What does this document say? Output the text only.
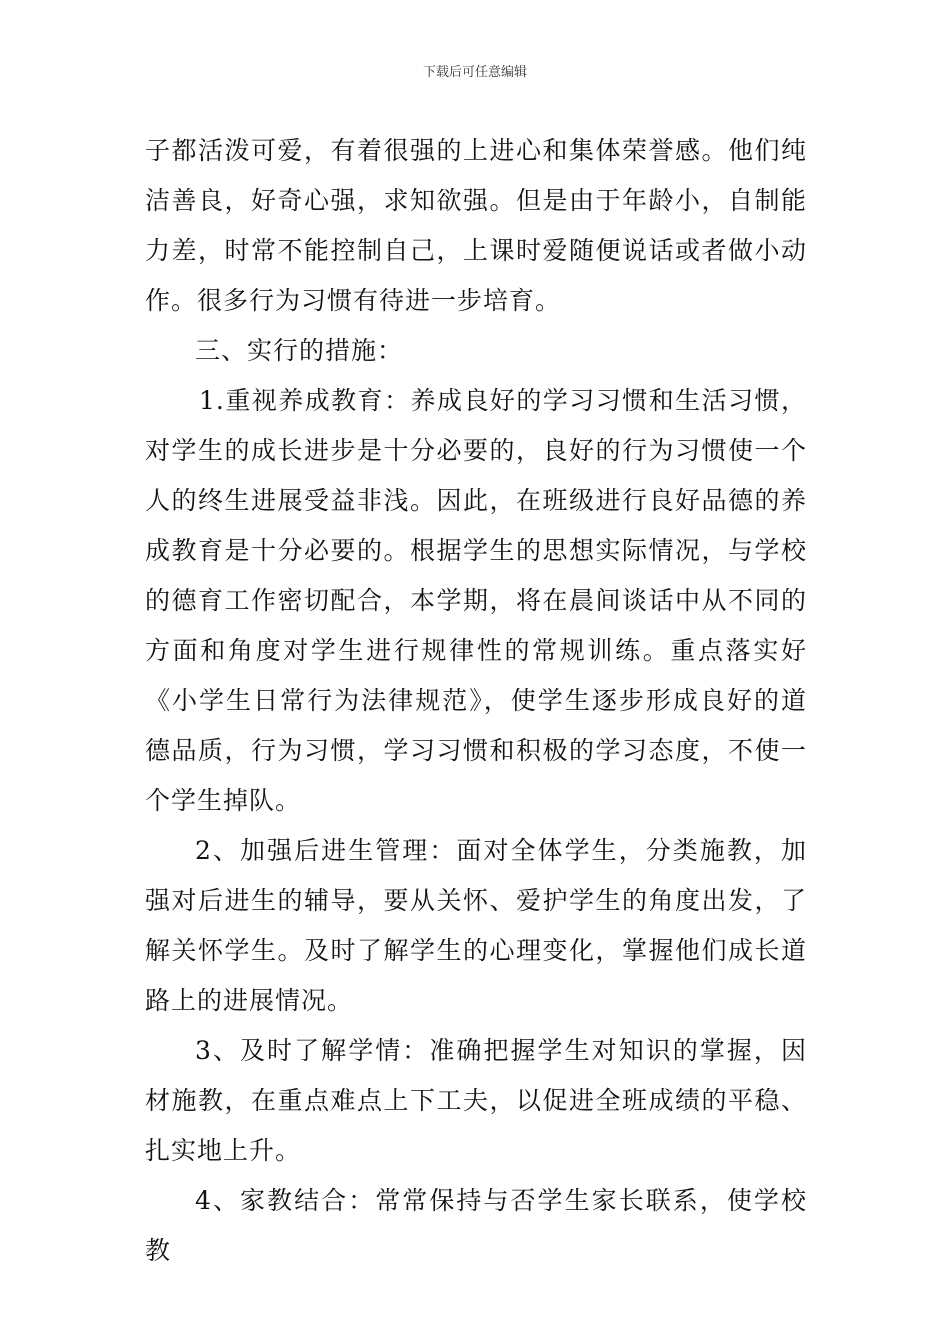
下载后可任意编辑

子都活泼可爱，有着很强的上进心和集体荣誉感。他们纯洁善良，好奇心强，求知欲强。但是由于年龄小，自制能力差，时常不能控制自己，上课时爱随便说话或者做小动作。很多行为习惯有待进一步培育。

三、实行的措施：

1.重视养成教育：养成良好的学习习惯和生活习惯，对学生的成长进步是十分必要的，良好的行为习惯使一个人的终生进展受益非浅。因此，在班级进行良好品德的养成教育是十分必要的。根据学生的思想实际情况，与学校的德育工作密切配合，本学期，将在晨间谈话中从不同的方面和角度对学生进行规律性的常规训练。重点落实好《小学生日常行为法律规范》，使学生逐步形成良好的道德品质，行为习惯，学习习惯和积极的学习态度，不使一个学生掉队。

2、加强后进生管理：面对全体学生，分类施教，加强对后进生的辅导，要从关怀、爱护学生的角度出发，了解关怀学生。及时了解学生的心理变化，掌握他们成长道路上的进展情况。

3、及时了解学情：准确把握学生对知识的掌握，因材施教，在重点难点上下工夫，以促进全班成绩的平稳、扎实地上升。

4、家教结合：常常保持与否学生家长联系，使学校教
